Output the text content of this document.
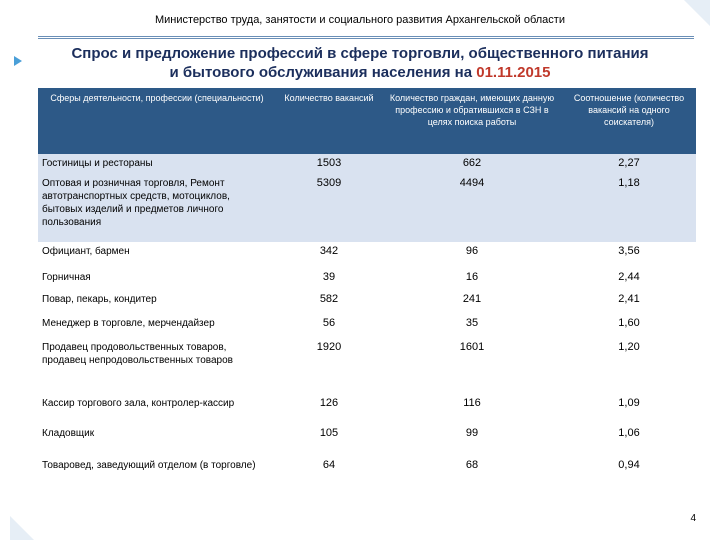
Министерство труда, занятости и социального развития Архангельской области
Спрос и предложение профессий в сфере торговли, общественного питания
и бытового обслуживания населения на 01.11.2015
Сферы деятельности, профессии (специальности)	Количество вакансий	Количество граждан, имеющих данную профессию и обратившихся в СЗН в целях поиска работы	Соотношение (количество вакансий на одного соискателя)
Гостиницы и рестораны	1503	662	2,27
Оптовая и розничная торговля, Ремонт автотранспортных средств, мотоциклов, бытовых изделий и предметов личного пользования	5309	4494	1,18
Официант, бармен	342	96	3,56
Горничная	39	16	2,44
Повар, пекарь, кондитер	582	241	2,41
Менеджер в торговле, мерчендайзер	56	35	1,60
Продавец продовольственных товаров, продавец непродовольственных товаров	1920	1601	1,20
Кассир торгового зала, контролер-кассир	126	116	1,09
Кладовщик	105	99	1,06
Товаровед, заведующий отделом (в торговле)	64	68	0,94
4
